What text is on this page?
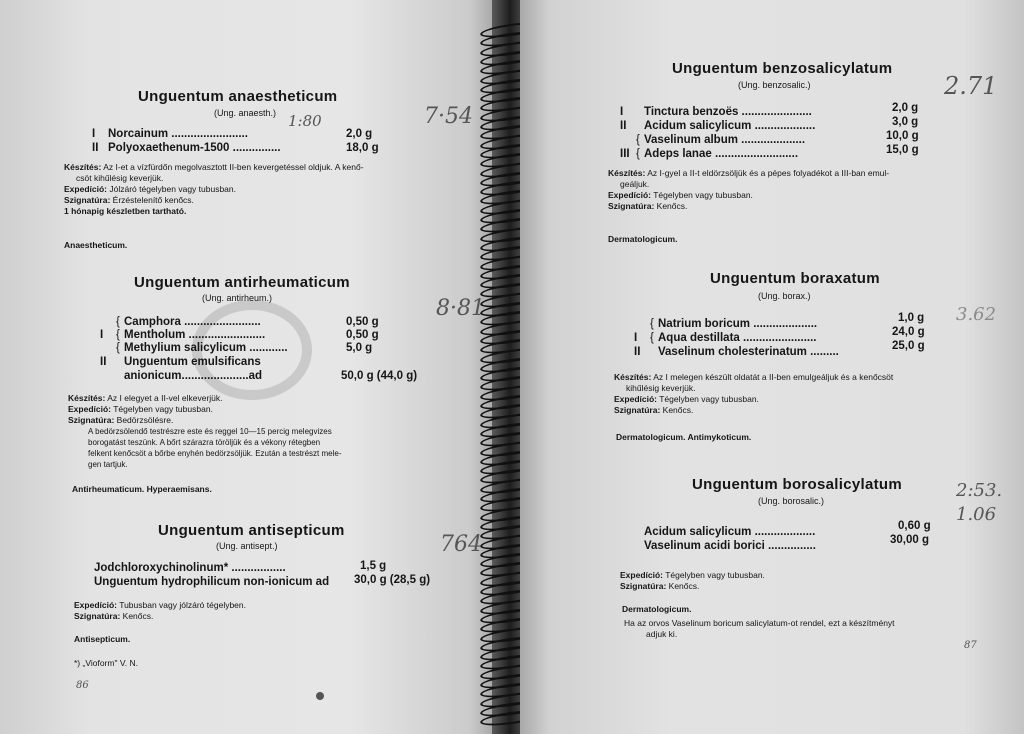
Unguentum anaestheticum
(Ung. anaesth.) 1:80	7·54
I Norcainum ........................	2,0 g
II Polyoxaethenum-1500 ...............	18,0 g
Készítés: Az I-et a vízfürdőn megolvasztott II-ben kevergetéssel oldjuk. A kenő-
csöt kihűlésig keverjük.
Expedíció: Jólzáró tégelyben vagy tubusban.
Szignatúra: Érzéstelenítő kenőcs.
1 hónapig készletben tartható.
Anaestheticum.
Unguentum antirheumaticum
(Ung. antirheum.)	8·81
{ Camphora ........................	0,50 g
I { Mentholum ........................	0,50 g
{ Methylium salicylicum ............	5,0 g
II Unguentum emulsificans
anionicum.....................ad	50,0 g (44,0 g)
Készítés: Az I elegyet a II-vel elkeverjük.
Expedíció: Tégelyben vagy tubusban.
Szignatúra: Bedörzsölésre.
A bedörzsölendő testrészre este és reggel 10—15 percig melegvizes
borogatást teszünk. A bőrt szárazra töröljük és a vékony rétegben
felkent kenőcsöt a bőrbe enyhén bedörzsöljük. Ezután a testrészt mele-
gen tartjuk.
Antirheumaticum. Hyperaemisans.
Unguentum antisepticum
(Ung. antisept.)	764
Jodchloroxychinolinum* .................	1,5 g
Unguentum hydrophilicum non-ionicum ad 30,0 g (28,5 g)
Expedíció: Tubusban vagy jólzáró tégelyben.
Szignatúra: Kenőcs.
Antisepticum.
*) „Vioform" V. N.
86
Unguentum benzosalicylatum
(Ung. benzosalic.)	2.71
I Tinctura benzoës ......................	2,0 g
II Acidum salicylicum ...................	3,0 g
{ Vaselinum album ....................	10,0 g
III { Adeps lanae ..........................	15,0 g
Készítés: Az I-gyel a II-t eldörzsöljük és a pépes folyadékot a III-ban emul-
geáljuk.
Expedíció: Tégelyben vagy tubusban.
Szignatúra: Kenőcs.
Dermatologicum.
Unguentum boraxatum
(Ung. borax.)
3.62
{ Natrium boricum ....................	1,0 g
I { Aqua destillata .......................	24,0 g
II Vaselinum cholesterinatum .........	25,0 g
Készítés: Az I melegen készült oldatát a II-ben emulgeáljuk és a kenőcsöt
kihűlésig keverjük.
Expedíció: Tégelyben vagy tubusban.
Szignatúra: Kenőcs.
Dermatologicum. Antimykoticum.
Unguentum borosalicylatum
(Ung. borosalic.)	2:53.
1.06
Acidum salicylicum ...................	0,60 g
Vaselinum acidi borici ...............	30,00 g
Expedíció: Tégelyben vagy tubusban.
Szignatúra: Kenőcs.
Dermatologicum.
Ha az orvos Vaselinum boricum salicylatum-ot rendel, ezt a készítményt
adjuk ki.
87
